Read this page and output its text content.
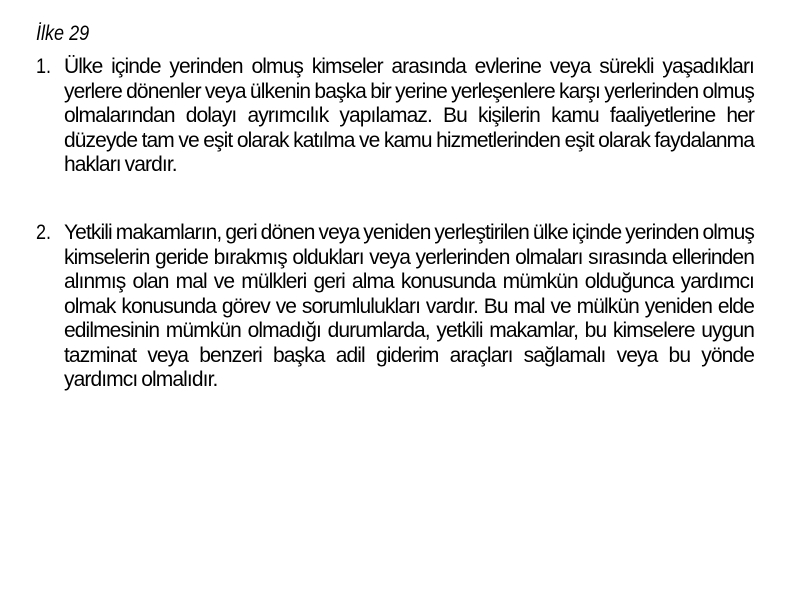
İlke 29
1. Ülke içinde yerinden olmuş kimseler arasında evlerine veya sürekli yaşadıkları yerlere dönenler veya ülkenin başka bir yerine yerleşenlere karşı yerlerinden olmuş olmalarından dolayı ayrımcılık yapılamaz. Bu kişilerin kamu faaliyetlerine her düzeyde tam ve eşit olarak katılma ve kamu hizmetlerinden eşit olarak faydalanma hakları vardır.
2. Yetkili makamların, geri dönen veya yeniden yerleştirilen ülke içinde yerinden olmuş kimselerin geride bırakmış oldukları veya yerlerinden olmaları sırasında ellerinden alınmış olan mal ve mülkleri geri alma konusunda mümkün olduğunca yardımcı olmak konusunda görev ve sorumlulukları vardır. Bu mal ve mülkün yeniden elde edilmesinin mümkün olmadığı durumlarda, yetkili makamlar, bu kimselere uygun tazminat veya benzeri başka adil giderim araçları sağlamalı veya bu yönde yardımcı olmalıdır.
